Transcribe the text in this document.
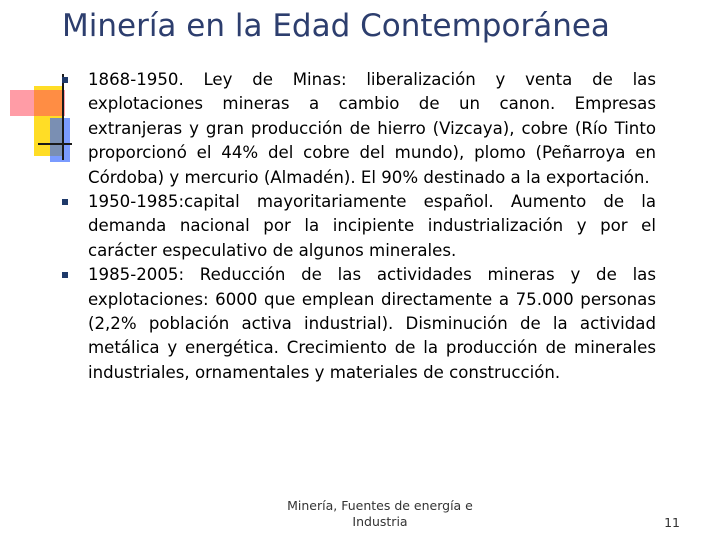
Minería en la Edad Contemporánea
1868-1950. Ley de Minas: liberalización y venta de las explotaciones mineras a cambio de un canon. Empresas extranjeras y gran producción de hierro (Vizcaya), cobre (Río Tinto proporcionó el 44% del cobre del mundo), plomo (Peñarroya en Córdoba) y mercurio (Almadén). El 90% destinado a la exportación.
1950-1985:capital mayoritariamente español. Aumento de la demanda nacional por la incipiente industrialización y por el carácter especulativo de algunos minerales.
1985-2005: Reducción de las actividades mineras y de las explotaciones: 6000 que emplean directamente a 75.000 personas (2,2% población activa industrial). Disminución de la actividad metálica y energética. Crecimiento de la producción de minerales industriales, ornamentales y materiales de construcción.
Minería, Fuentes de energía e
Industria	11
